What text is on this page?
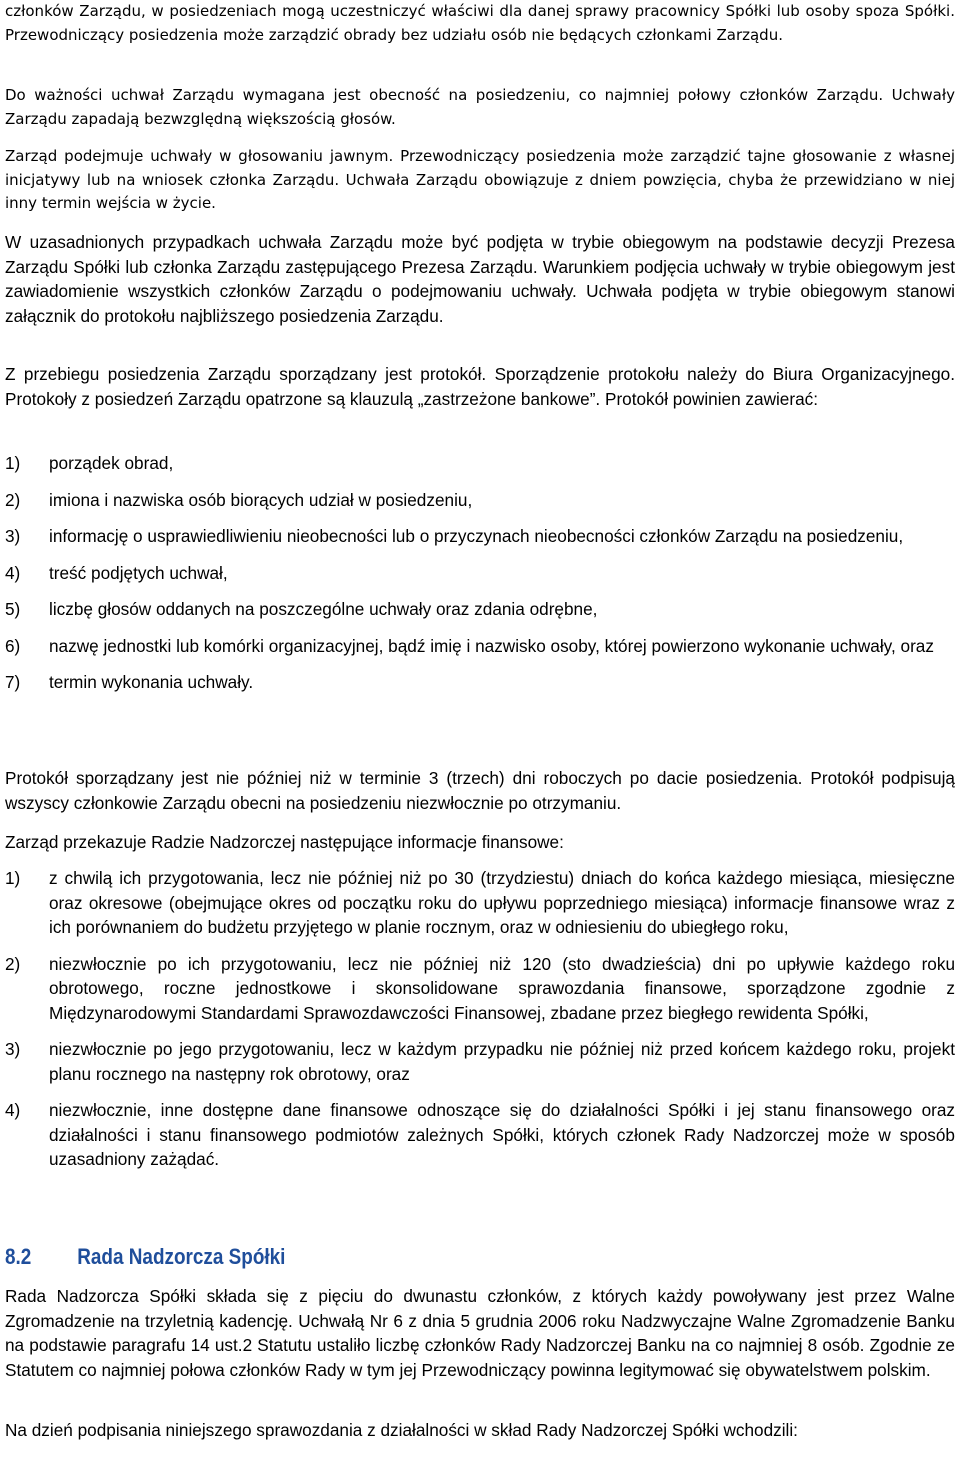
członków Zarządu, w posiedzeniach mogą uczestniczyć właściwi dla danej sprawy pracownicy Spółki lub osoby spoza Spółki. Przewodniczący posiedzenia może zarządzić obrady bez udziału osób nie będących członkami Zarządu.

Do ważności uchwał Zarządu wymagana jest obecność na posiedzeniu, co najmniej połowy członków Zarządu. Uchwały Zarządu zapadają bezwzględną większością głosów.

Zarząd podejmuje uchwały w głosowaniu jawnym. Przewodniczący posiedzenia może zarządzić tajne głosowanie z własnej inicjatywy lub na wniosek członka Zarządu. Uchwała Zarządu obowiązuje z dniem powzięcia, chyba że przewidziano w niej inny termin wejścia w życie.

W uzasadnionych przypadkach uchwała Zarządu może być podjęta w trybie obiegowym na podstawie decyzji Prezesa Zarządu Spółki lub członka Zarządu zastępującego Prezesa Zarządu. Warunkiem podjęcia uchwały w trybie obiegowym jest zawiadomienie wszystkich członków Zarządu o podejmowaniu uchwały. Uchwała podjęta w trybie obiegowym stanowi załącznik do protokołu najbliższego posiedzenia Zarządu.

Z przebiegu posiedzenia Zarządu sporządzany jest protokół. Sporządzenie protokołu należy do Biura Organizacyjnego. Protokoły z posiedzeń Zarządu opatrzone są klauzulą „zastrzeżone bankowe”. Protokół powinien zawierać:

1) porządek obrad,
2) imiona i nazwiska osób biorących udział w posiedzeniu,
3) informację o usprawiedliwieniu nieobecności lub o przyczynach nieobecności członków Zarządu na posiedzeniu,
4) treść podjętych uchwał,
5) liczbę głosów oddanych na poszczególne uchwały oraz zdania odrębne,
6) nazwę jednostki lub komórki organizacyjnej, bądź imię i nazwisko osoby, której powierzono wykonanie uchwały, oraz
7) termin wykonania uchwały.

Protokół sporządzany jest nie później niż w terminie 3 (trzech) dni roboczych po dacie posiedzenia. Protokół podpisują wszyscy członkowie Zarządu obecni na posiedzeniu niezwłocznie po otrzymaniu.

Zarząd przekazuje Radzie Nadzorczej następujące informacje finansowe:

1) z chwilą ich przygotowania, lecz nie później niż po 30 (trzydziestu) dniach do końca każdego miesiąca, miesięczne oraz okresowe (obejmujące okres od początku roku do upływu poprzedniego miesiąca) informacje finansowe wraz z ich porównaniem do budżetu przyjętego w planie rocznym, oraz w odniesieniu do ubiegłego roku,
2) niezwłocznie po ich przygotowaniu, lecz nie później niż 120 (sto dwadzieścia) dni po upływie każdego roku obrotowego, roczne jednostkowe i skonsolidowane sprawozdania finansowe, sporządzone zgodnie z Międzynarodowymi Standardami Sprawozdawczości Finansowej, zbadane przez biegłego rewidenta Spółki,
3) niezwłocznie po jego przygotowaniu, lecz w każdym przypadku nie później niż przed końcem każdego roku, projekt planu rocznego na następny rok obrotowy, oraz
4) niezwłocznie, inne dostępne dane finansowe odnoszące się do działalności Spółki i jej stanu finansowego oraz działalności i stanu finansowego podmiotów zależnych Spółki, których członek Rady Nadzorczej może w sposób uzasadniony zażądać.
8.2 Rada Nadzorcza Spółki

Rada Nadzorcza Spółki składa się z pięciu do dwunastu członków, z których każdy powoływany jest przez Walne Zgromadzenie na trzyletnią kadencję. Uchwałą Nr 6 z dnia 5 grudnia 2006 roku Nadzwyczajne Walne Zgromadzenie Banku na podstawie paragrafu 14 ust.2 Statutu ustaliło liczbę członków Rady Nadzorczej Banku na co najmniej 8 osób. Zgodnie ze Statutem co najmniej połowa członków Rady w tym jej Przewodniczący powinna legitymować się obywatelstwem polskim.

Na dzień podpisania niniejszego sprawozdania z działalności w skład Rady Nadzorczej Spółki wchodzili:
